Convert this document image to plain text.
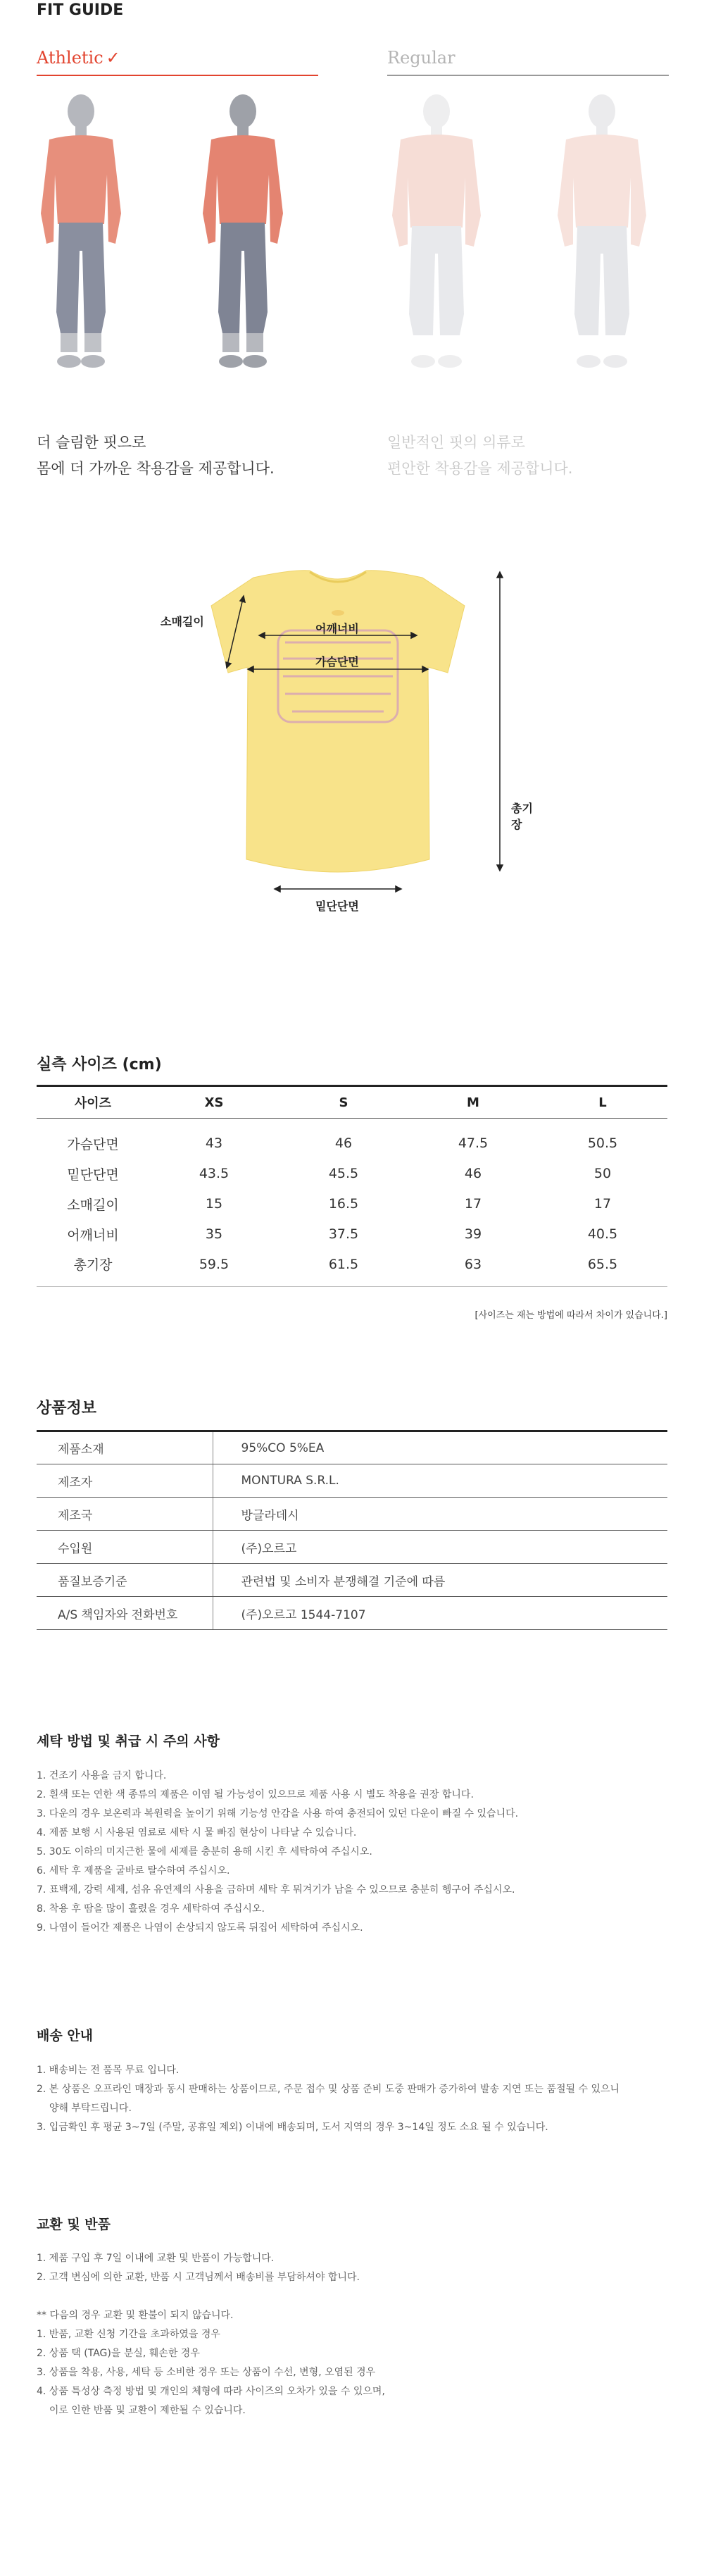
FIT GUIDE
Athletic ✓	Regular
더 슬림한 핏으로
몸에 더 가까운 착용감을 제공합니다.
일반적인 핏의 의류로
편안한 착용감을 제공합니다.
어깨너비
가슴단면
소매길이
총기장
밑단단면
실측 사이즈 (cm)
사이즈	XS	S	M	L
가슴단면	43	46	47.5	50.5
밑단단면	43.5	45.5	46	50
소매길이	15	16.5	17	17
어깨너비	35	37.5	39	40.5
총기장	59.5	61.5	63	65.5
[사이즈는 재는 방법에 따라서 차이가 있습니다.]
상품정보
제품소재	95%CO 5%EA
제조자	MONTURA S.R.L.
제조국	방글라데시
수입원	(주)오르고
품질보증기준	관련법 및 소비자 분쟁해결 기준에 따름
A/S 책임자와 전화번호	(주)오르고 1544-7107
세탁 방법 및 취급 시 주의 사항
1. 건조기 사용을 금지 합니다.
2. 흰색 또는 연한 색 종류의 제품은 이염 될 가능성이 있으므로 제품 사용 시 별도 착용을 권장 합니다.
3. 다운의 경우 보온력과 복원력을 높이기 위해 기능성 안감을 사용 하여 충전되어 있던 다운이 빠질 수 있습니다.
4. 제품 보행 시 사용된 염료로 세탁 시 물 빠짐 현상이 나타날 수 있습니다.
5. 30도 이하의 미지근한 물에 세제를 충분히 용해 시킨 후 세탁하여 주십시오.
6. 세탁 후 제품을 굴바로 탈수하여 주십시오.
7. 표백제, 강력 세제, 섬유 유연제의 사용을 금하며 세탁 후 뭐겨기가 남을 수 있으므로 충분히 헹구어 주십시오.
8. 착용 후 땀을 많이 흘렸을 경우 세탁하여 주십시오.
9. 나염이 들어간 제품은 나염이 손상되지 않도록 뒤집어 세탁하여 주십시오.
배송 안내
1. 배송비는 전 품목 무료 입니다.
2. 본 상품은 오프라인 매장과 동시 판매하는 상품이므로, 주문 접수 및 상품 준비 도중 판매가 증가하여 발송 지연 또는 품절될 수 있으니
양해 부탁드립니다.
3. 입금확인 후 평균 3~7일 (주말, 공휴일 제외) 이내에 배송되며, 도서 지역의 경우 3~14일 정도 소요 될 수 있습니다.
교환 및 반품
1. 제품 구입 후 7일 이내에 교환 및 반품이 가능합니다.
2. 고객 변심에 의한 교환, 반품 시 고객님께서 배송비를 부담하셔야 합니다.
** 다음의 경우 교환 및 환불이 되지 않습니다.
1. 반품, 교환 신청 기간을 초과하였을 경우
2. 상품 택 (TAG)을 분실, 훼손한 경우
3. 상품을 착용, 사용, 세탁 등 소비한 경우 또는 상품이 수선, 변형, 오염된 경우
4. 상품 특성상 측정 방법 및 개인의 체형에 따라 사이즈의 오차가 있을 수 있으며,
이로 인한 반품 및 교환이 제한될 수 있습니다.
